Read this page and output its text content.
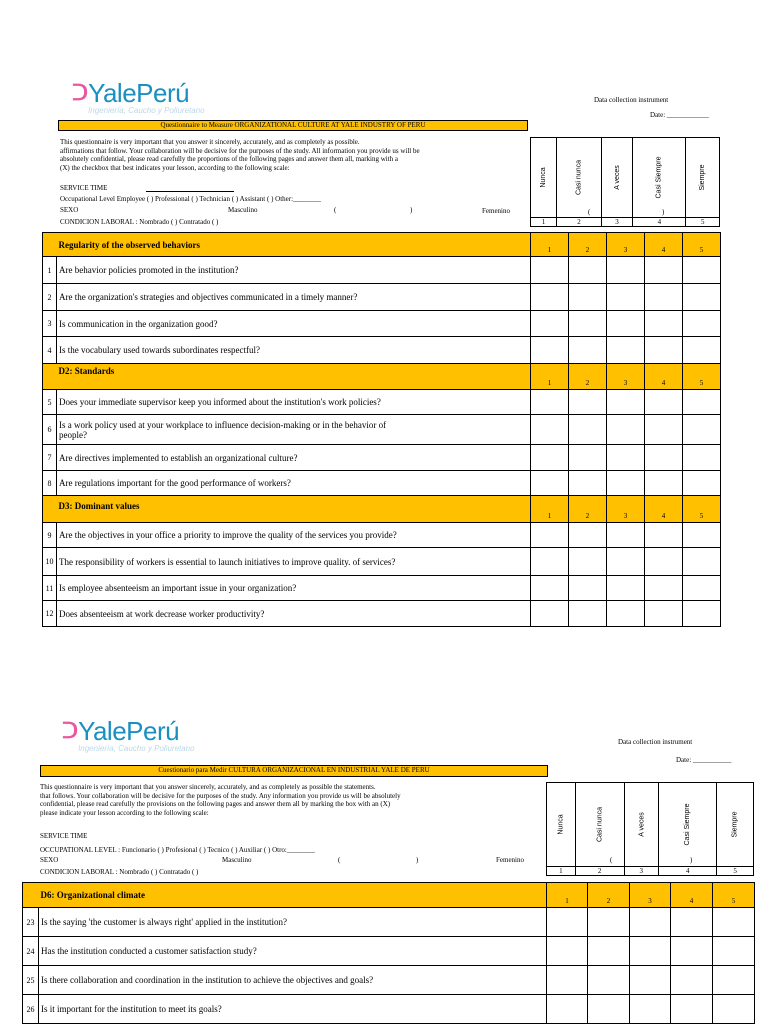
ᑐ YalePerú
Ingeniería, Caucho y Poliuretano
Data collection instrument
Date: ____________
Questionnaire to Measure ORGANIZATIONAL CULTURE AT YALE INDUSTRY OF PERU
This questionnaire is very important that you answer it sincerely, accurately, and as completely as possible.
affirmations that follow. Your collaboration will be decisive for the purposes of the study. All information you provide us will be
absolutely confidential, please read carefully the proportions of the following pages and answer them all, marking with a
(X) the checkbox that best indicates your lesson, according to the following scale:
SERVICE TIME
Occupational Level Employee ( ) Professional ( ) Technician ( ) Assistant ( ) Other:________
SEXO	Masculino	(	)	Femenino
CONDICION LABORAL : Nombrado ( ) Contratado ( )
Nunca	Casi nunca	A veces	Casi Siempre	Siempre

1	2	3	4	5
(	)
	Regularity of the observed behaviors	1	2	3	4	5
1	Are behavior policies promoted in the institution?					
2	Are the organization's strategies and objectives communicated in a timely manner?					
3	Is communication in the organization good?					
4	Is the vocabulary used towards subordinates respectful?					
	D2: Standards	1	2	3	4	5
5	Does your immediate supervisor keep you informed about the institution's work policies?					
6	Is a work policy used at your workplace to influence decision-making or in the behavior of people?					
7	Are directives implemented to establish an organizational culture?					
8	Are regulations important for the good performance of workers?					
	D3: Dominant values	1	2	3	4	5
9	Are the objectives in your office a priority to improve the quality of the services you provide?					
10	The responsibility of workers is essential to launch initiatives to improve quality. of services?					
11	Is employee absenteeism an important issue in your organization?					
12	Does absenteeism at work decrease worker productivity?					
ᑐ YalePerú
Ingeniería, Caucho y Poliuretano
Data collection instrument
Date: ___________
Cuestionario para Medir CULTURA ORGANIZACIONAL EN INDUSTRIAL YALE DE PERU
This questionnaire is very important that you answer sincerely, accurately, and as completely as possible the statements.
that follows. Your collaboration will be decisive for the purposes of the study. Any information you provide us will be absolutely
confidential, please read carefully the provisions on the following pages and answer them all by marking the box with an (X)
please indicate your lesson according to the following scale:
SERVICE TIME
OCCUPATIONAL LEVEL : Funcionario ( ) Profesional ( ) Tecnico ( ) Auxiliar ( ) Otro:________
SEXO	Masculino	(	)	Femenino
CONDICION LABORAL : Nombrado ( ) Contratado ( )
Nunca	Casi nunca	A veces	Casi Siempre	Siempre

1	2	3	4	5
(	)
	D6: Organizational climate	1	2	3	4	5
23	Is the saying 'the customer is always right' applied in the institution?					
24	Has the institution conducted a customer satisfaction study?					
25	Is there collaboration and coordination in the institution to achieve the objectives and goals?					
26	Is it important for the institution to meet its goals?					
